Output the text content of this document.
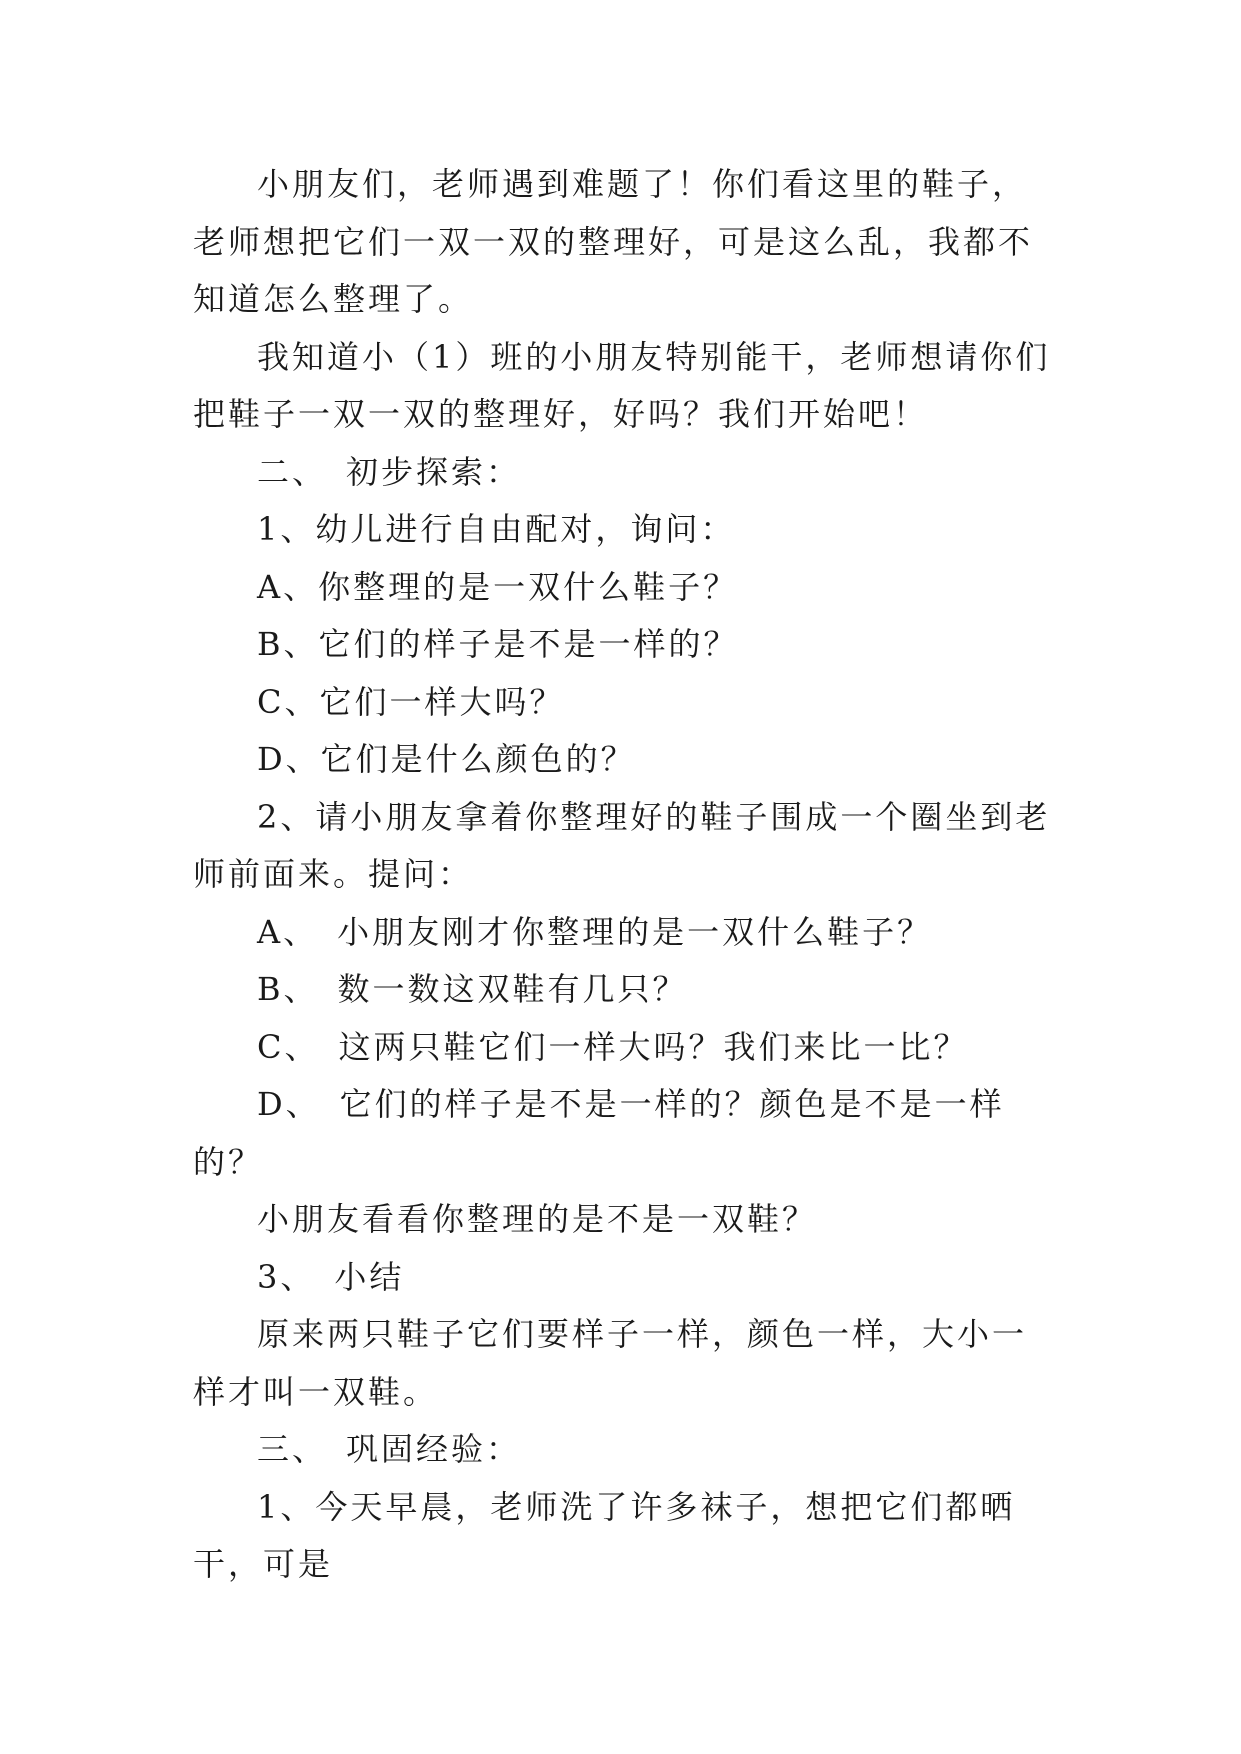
小朋友们，老师遇到难题了！你们看这里的鞋子，老师想把它们一双一双的整理好，可是这么乱，我都不知道怎么整理了。

我知道小（1）班的小朋友特别能干，老师想请你们把鞋子一双一双的整理好，好吗？我们开始吧！

二、　初步探索：

1、幼儿进行自由配对，询问：

A、你整理的是一双什么鞋子？

B、它们的样子是不是一样的？

C、它们一样大吗？

D、它们是什么颜色的？

2、请小朋友拿着你整理好的鞋子围成一个圈坐到老师前面来。提问：

A、　小朋友刚才你整理的是一双什么鞋子？

B、　数一数这双鞋有几只？

C、　这两只鞋它们一样大吗？我们来比一比？

D、　它们的样子是不是一样的？颜色是不是一样的？

小朋友看看你整理的是不是一双鞋？

3、　小结

原来两只鞋子它们要样子一样，颜色一样，大小一样才叫一双鞋。

三、　巩固经验：

1、今天早晨，老师洗了许多袜子，想把它们都晒干，可是
